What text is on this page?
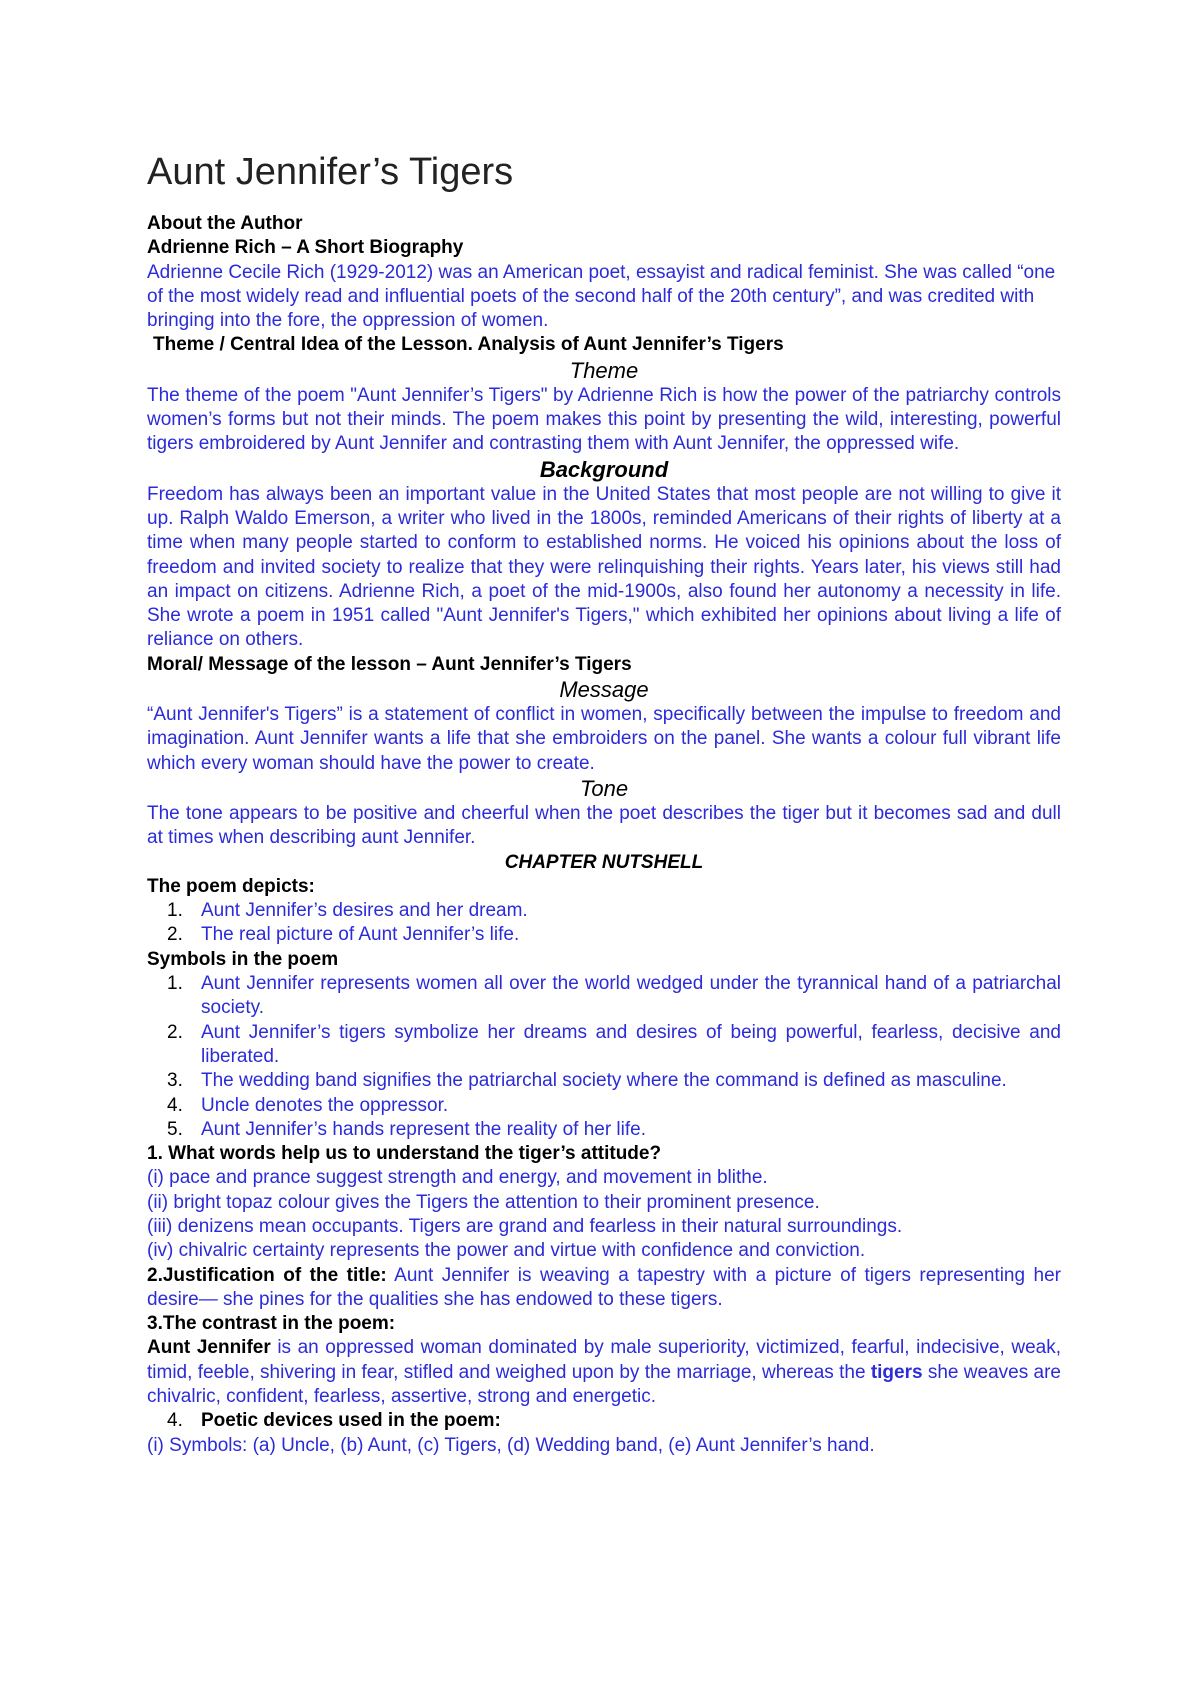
Aunt Jennifer’s Tigers

About the Author

Adrienne Rich – A Short Biography

Adrienne Cecile Rich (1929-2012) was an American poet, essayist and radical feminist. She was called “one of the most widely read and influential poets of the second half of the 20th century”, and was credited with bringing into the fore, the oppression of women.

Theme / Central Idea of the Lesson. Analysis of Aunt Jennifer’s Tigers

Theme

The theme of the poem "Aunt Jennifer’s Tigers" by Adrienne Rich is how the power of the patriarchy controls women’s forms but not their minds. The poem makes this point by presenting the wild, interesting, powerful tigers embroidered by Aunt Jennifer and contrasting them with Aunt Jennifer, the oppressed wife.

Background

Freedom has always been an important value in the United States that most people are not willing to give it up. Ralph Waldo Emerson, a writer who lived in the 1800s, reminded Americans of their rights of liberty at a time when many people started to conform to established norms. He voiced his opinions about the loss of freedom and invited society to realize that they were relinquishing their rights. Years later, his views still had an impact on citizens. Adrienne Rich, a poet of the mid-1900s, also found her autonomy a necessity in life. She wrote a poem in 1951 called "Aunt Jennifer's Tigers," which exhibited her opinions about living a life of reliance on others.

Moral/ Message of the lesson – Aunt Jennifer’s Tigers

Message

“Aunt Jennifer's Tigers” is a statement of conflict in women, specifically between the impulse to freedom and imagination. Aunt Jennifer wants a life that she embroiders on the panel. She wants a colour full vibrant life which every woman should have the power to create.

Tone

The tone appears to be positive and cheerful when the poet describes the tiger but it becomes sad and dull at times when describing aunt Jennifer.

CHAPTER NUTSHELL

The poem depicts:

1. Aunt Jennifer’s desires and her dream.
2. The real picture of Aunt Jennifer’s life.

Symbols in the poem

1. Aunt Jennifer represents women all over the world wedged under the tyrannical hand of a patriarchal society.
2. Aunt Jennifer’s tigers symbolize her dreams and desires of being powerful, fearless, decisive and liberated.
3. The wedding band signifies the patriarchal society where the command is defined as masculine.
4. Uncle denotes the oppressor.
5. Aunt Jennifer’s hands represent the reality of her life.

1. What words help us to understand the tiger’s attitude?

(i) pace and prance suggest strength and energy, and movement in blithe.

(ii) bright topaz colour gives the Tigers the attention to their prominent presence.

(iii) denizens mean occupants. Tigers are grand and fearless in their natural surroundings.

(iv) chivalric certainty represents the power and virtue with confidence and conviction.

2.Justification of the title: Aunt Jennifer is weaving a tapestry with a picture of tigers representing her desire— she pines for the qualities she has endowed to these tigers.

3.The contrast in the poem:

Aunt Jennifer is an oppressed woman dominated by male superiority, victimized, fearful, indecisive, weak, timid, feeble, shivering in fear, stifled and weighed upon by the marriage, whereas the tigers she weaves are chivalric, confident, fearless, assertive, strong and energetic.

4. Poetic devices used in the poem:

(i) Symbols: (a) Uncle, (b) Aunt, (c) Tigers, (d) Wedding band, (e) Aunt Jennifer’s hand.
